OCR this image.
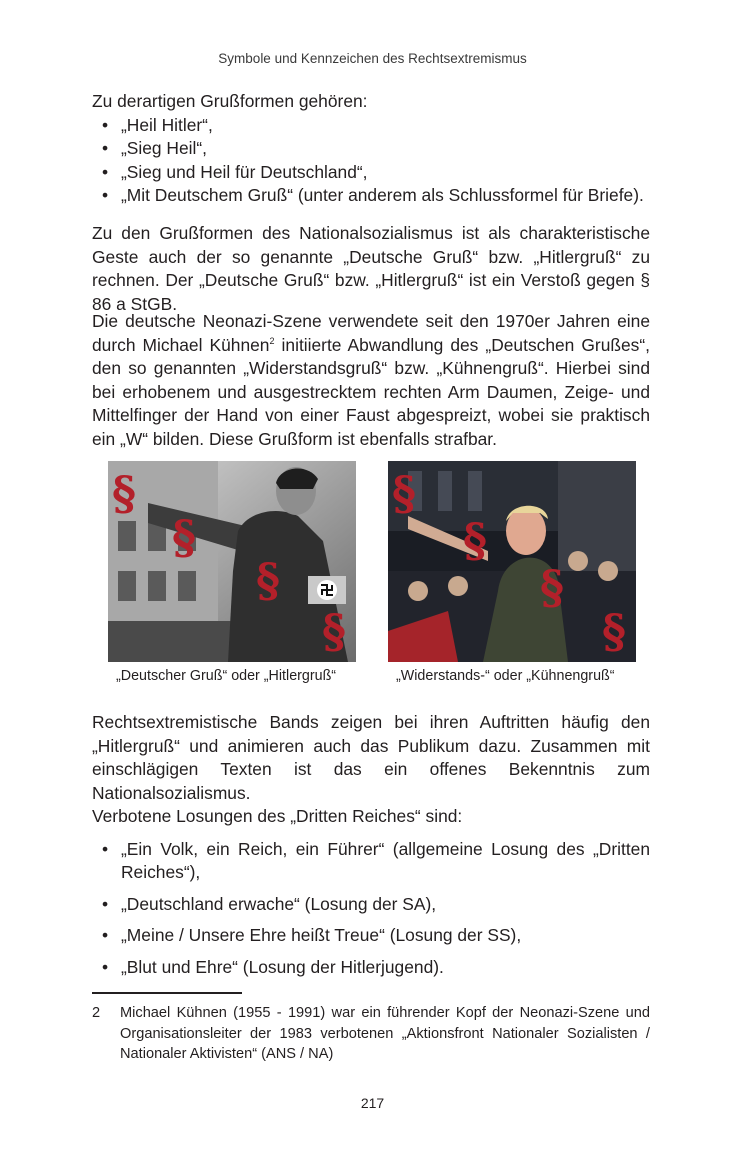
Symbole und Kennzeichen des Rechtsextremismus

Zu derartigen Grußformen gehören:

• „Heil Hitler“,
• „Sieg Heil“,
• „Sieg und Heil für Deutschland“,
• „Mit Deutschem Gruß“ (unter anderem als Schlussformel für Briefe).

Zu den Grußformen des Nationalsozialismus ist als charakteristische Geste auch der so genannte „Deutsche Gruß“ bzw. „Hitlergruß“ zu rechnen. Der „Deutsche Gruß“ bzw. „Hitlergruß“ ist ein Verstoß gegen § 86 a StGB.

Die deutsche Neonazi-Szene verwendete seit den 1970er Jahren eine durch Michael Kühnen$^2$ initiierte Abwandlung des „Deutschen Grußes“, den so genannten „Widerstandsgruß“ bzw. „Kühnengruß“. Hierbei sind bei erhobenem und ausgestrecktem rechten Arm Daumen, Zeige- und Mittelfinger der Hand von einer Faust abgespreizt, wobei sie praktisch ein „W“ bilden. Diese Grußform ist ebenfalls strafbar.

§
§
§
§
§
§
§
§
„Deutscher Gruß“ oder „Hitlergruß“	„Widerstands-“ oder „Kühnengruß“

Rechtsextremistische Bands zeigen bei ihren Auftritten häufig den „Hitlergruß“ und animieren auch das Publikum dazu. Zusammen mit einschlägigen Texten ist das ein offenes Bekenntnis zum Nationalsozialismus.

Verbotene Losungen des „Dritten Reiches“ sind:

• „Ein Volk, ein Reich, ein Führer“ (allgemeine Losung des „Dritten Reiches“),
• „Deutschland erwache“ (Losung der SA),
• „Meine / Unsere Ehre heißt Treue“ (Losung der SS),
• „Blut und Ehre“ (Losung der Hitlerjugend).
2 Michael Kühnen (1955 - 1991) war ein führender Kopf der Neonazi-Szene und Organisationsleiter der 1983 verbotenen „Aktionsfront Nationaler Sozialisten / Nationaler Aktivisten“ (ANS / NA)
217
